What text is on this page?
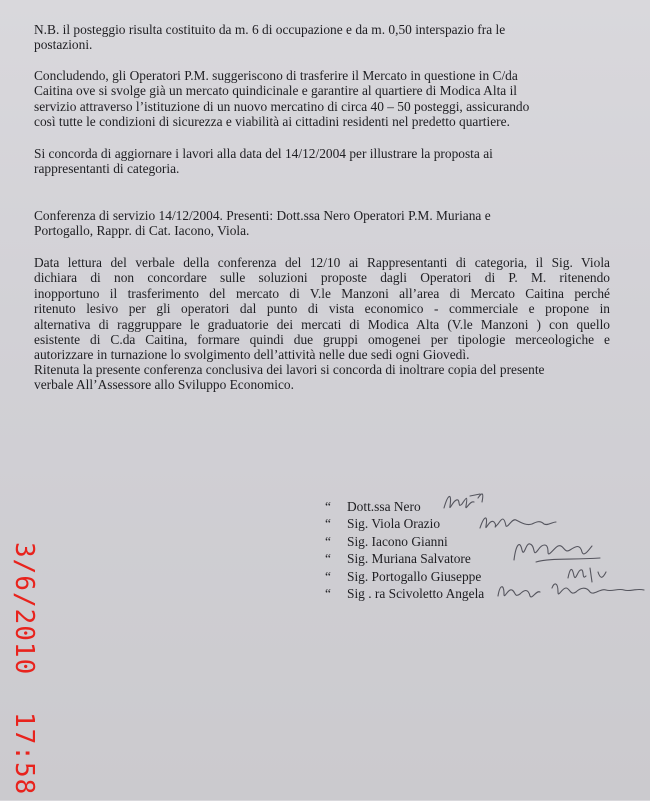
N.B. il posteggio risulta costituito da m. 6 di occupazione e da m. 0,50 interspazio fra le
postazioni.
Concludendo, gli Operatori P.M. suggeriscono di trasferire il Mercato in questione in C/da
Caitina ove si svolge già un mercato quindicinale e garantire al quartiere di Modica Alta il
servizio attraverso l’istituzione di un nuovo mercatino di circa 40 – 50 posteggi, assicurando
così tutte le condizioni di sicurezza e viabilità ai cittadini residenti nel predetto quartiere.
Si concorda di aggiornare i lavori alla data del 14/12/2004 per illustrare la proposta ai
rappresentanti di categoria.
Conferenza di servizio 14/12/2004. Presenti: Dott.ssa Nero Operatori P.M. Muriana e
Portogallo, Rappr. di Cat. Iacono, Viola.
Data lettura del verbale della conferenza del 12/10 ai Rappresentanti di categoria, il Sig. Viola
dichiara di non concordare sulle soluzioni proposte dagli Operatori di P. M. ritenendo
inopportuno il trasferimento del mercato di V.le Manzoni all’area di Mercato Caitina perché
ritenuto lesivo per gli operatori dal punto di vista economico - commerciale e propone in
alternativa di raggruppare le graduatorie dei mercati di Modica Alta (V.le Manzoni ) con quello
esistente di C.da Caitina, formare quindi due gruppi omogenei per tipologie merceologiche e
autorizzare in turnazione lo svolgimento dell’attività nelle due sedi ogni Giovedì.
Ritenuta la presente conferenza conclusiva dei lavori si concorda di inoltrare copia del presente
verbale All’Assessore allo Sviluppo Economico.
“ Dott.ssa Nero
“ Sig. Viola Orazio
“ Sig. Iacono Gianni
“ Sig. Muriana Salvatore
“ Sig. Portogallo Giuseppe
“ Sig . ra Scivoletto Angela
3/6/2010
17:58
